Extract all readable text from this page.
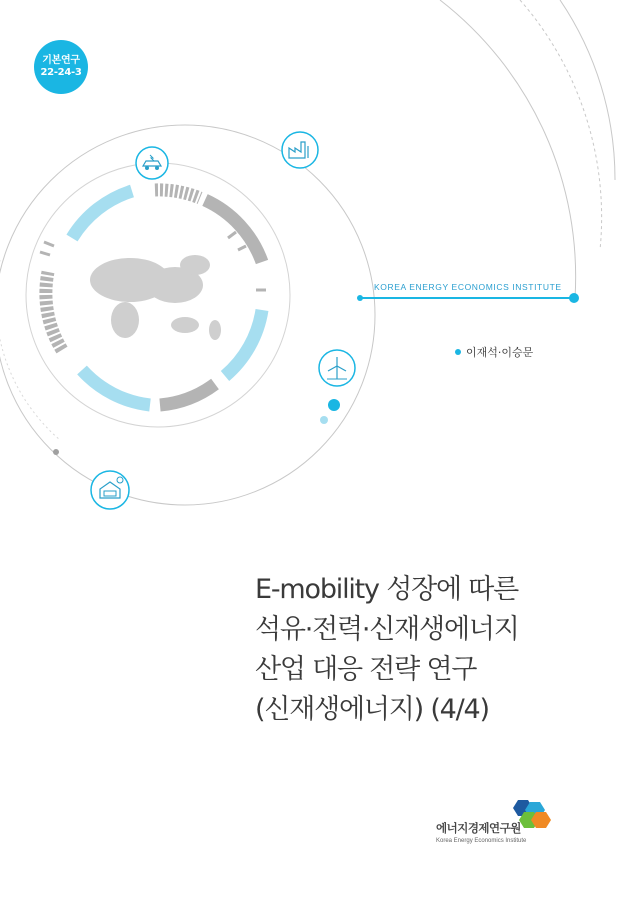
기본연구
22-24-3
KOREA ENERGY ECONOMICS INSTITUTE
이재석·이승문
E-mobility 성장에 따른
석유·전력·신재생에너지
산업 대응 전략 연구
(신재생에너지) (4/4)
에너지경제연구원
Korea Energy Economics Institute
